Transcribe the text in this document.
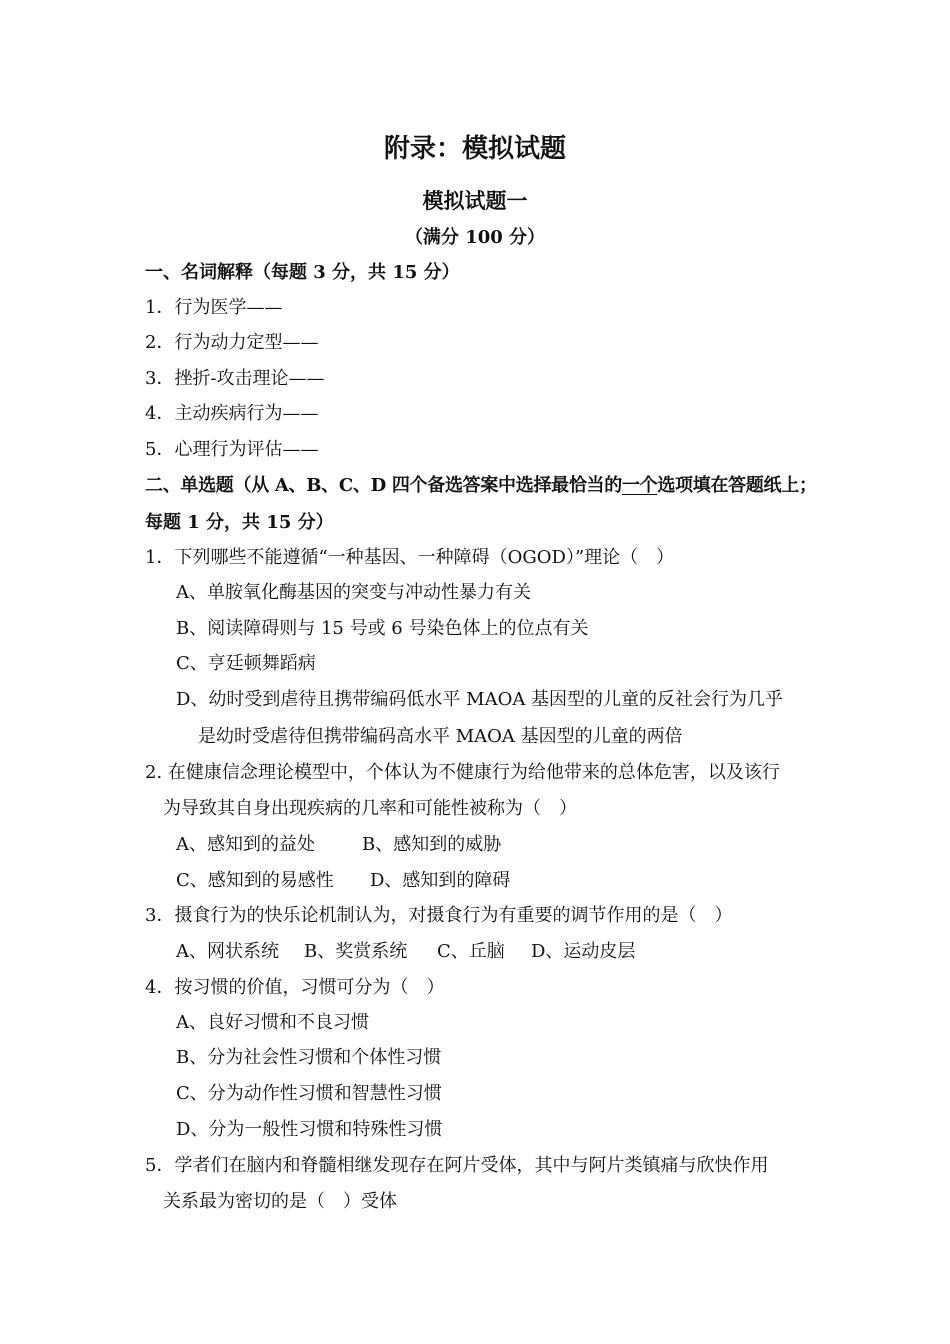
附录：模拟试题
模拟试题一
（满分 100 分）
一、名词解释（每题 3 分，共 15 分）
1．行为医学——
2．行为动力定型——
3．挫折-攻击理论——
4．主动疾病行为——
5．心理行为评估——
二、单选题（从 A、B、C、D 四个备选答案中选择最恰当的一个选项填在答题纸上；
每题 1 分，共 15 分）
1．下列哪些不能遵循“一种基因、一种障碍（OGOD）”理论（　）
A、单胺氧化酶基因的突变与冲动性暴力有关
B、阅读障碍则与 15 号或 6 号染色体上的位点有关
C、亨廷顿舞蹈病
D、幼时受到虐待且携带编码低水平 MAOA 基因型的儿童的反社会行为几乎
是幼时受虐待但携带编码高水平 MAOA 基因型的儿童的两倍
2. 在健康信念理论模型中，个体认为不健康行为给他带来的总体危害，以及该行
为导致其自身出现疾病的几率和可能性被称为（　）
A、感知到的益处	B、感知到的威胁
C、感知到的易感性 D、感知到的障碍
3．摄食行为的快乐论机制认为，对摄食行为有重要的调节作用的是（　）
A、网状系统 B、奖赏系统 C、丘脑 D、运动皮层
4．按习惯的价值，习惯可分为（　）
A、良好习惯和不良习惯
B、分为社会性习惯和个体性习惯
C、分为动作性习惯和智慧性习惯
D、分为一般性习惯和特殊性习惯
5．学者们在脑内和脊髓相继发现存在阿片受体，其中与阿片类镇痛与欣快作用
关系最为密切的是（　）受体
